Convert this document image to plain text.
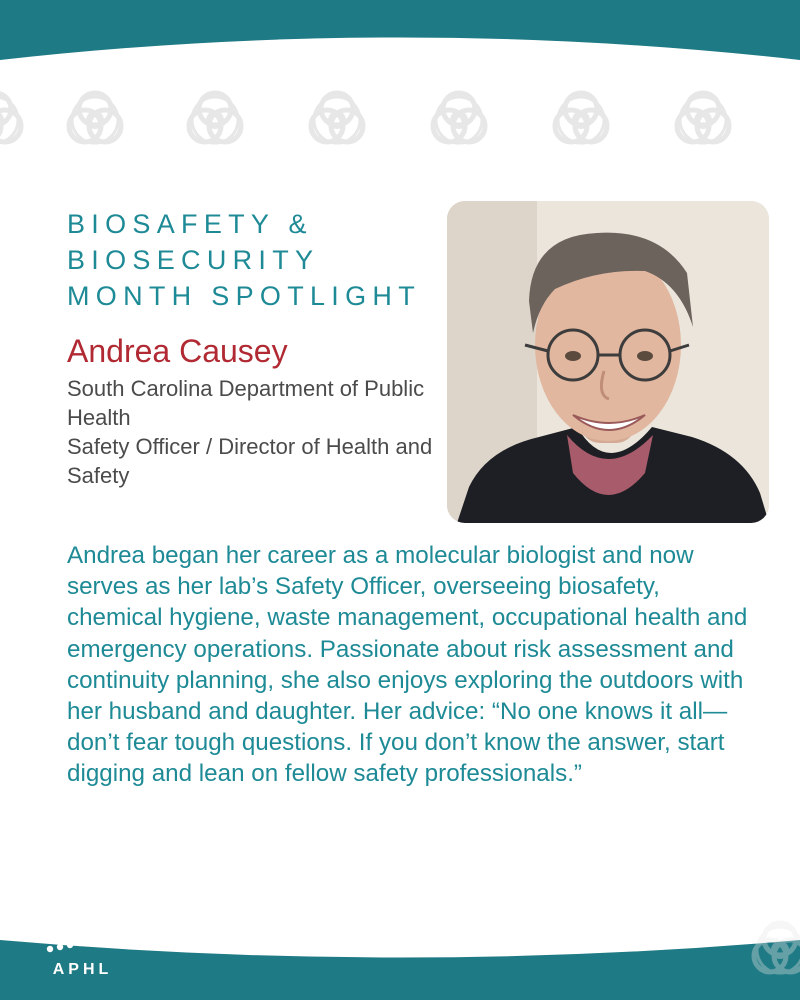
BIOSAFETY &
BIOSECURITY
MONTH SPOTLIGHT
Andrea Causey
South Carolina Department of Public Health
Safety Officer / Director of Health and Safety

Andrea began her career as a molecular biologist and now serves as her lab’s Safety Officer, overseeing biosafety, chemical hygiene, waste management, occupational health and emergency operations. Passionate about risk assessment and continuity planning, she also enjoys exploring the outdoors with her husband and daughter. Her advice: “No one knows it all—don’t fear tough questions. If you don’t know the answer, start digging and lean on fellow safety professionals.”

APHL
